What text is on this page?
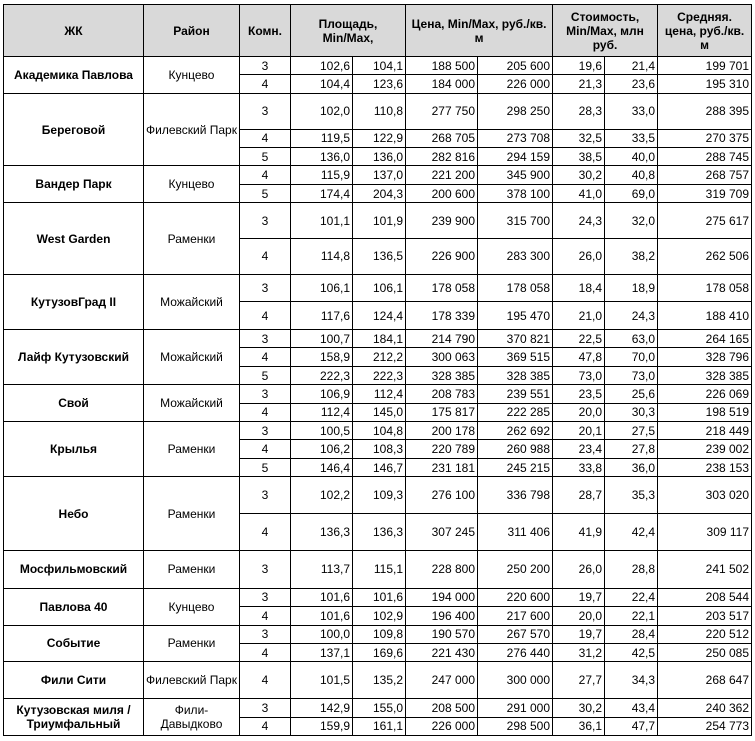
ЖК	Район	Комн.	Площадь, Min/Max,		Цена, Min/Max, руб./кв. м		Стоимость, Min/Max, млн руб.		Средняя. цена, руб./кв. м
Академика Павлова	Кунцево	3	102,6	104,1	188 500	205 600	19,6	21,4	199 701
		4	104,4	123,6	184 000	226 000	21,3	23,6	195 310
Береговой	Филевский Парк	3	102,0	110,8	277 750	298 250	28,3	33,0	288 395
		4	119,5	122,9	268 705	273 708	32,5	33,5	270 375
		5	136,0	136,0	282 816	294 159	38,5	40,0	288 745
Вандер Парк	Кунцево	4	115,9	137,0	221 200	345 900	30,2	40,8	268 757
		5	174,4	204,3	200 600	378 100	41,0	69,0	319 709
West Garden	Раменки	3	101,1	101,9	239 900	315 700	24,3	32,0	275 617
		4	114,8	136,5	226 900	283 300	26,0	38,2	262 506
КутузовГрад II	Можайский	3	106,1	106,1	178 058	178 058	18,4	18,9	178 058
		4	117,6	124,4	178 339	195 470	21,0	24,3	188 410
Лайф Кутузовский	Можайский	3	100,7	184,1	214 790	370 821	22,5	63,0	264 165
		4	158,9	212,2	300 063	369 515	47,8	70,0	328 796
		5	222,3	222,3	328 385	328 385	73,0	73,0	328 385
Свой	Можайский	3	106,9	112,4	208 783	239 551	23,5	25,6	226 069
		4	112,4	145,0	175 817	222 285	20,0	30,3	198 519
Крылья	Раменки	3	100,5	104,8	200 178	262 692	20,1	27,5	218 449
		4	106,2	108,3	220 789	260 988	23,4	27,8	239 002
		5	146,4	146,7	231 181	245 215	33,8	36,0	238 153
Небо	Раменки	3	102,2	109,3	276 100	336 798	28,7	35,3	303 020
		4	136,3	136,3	307 245	311 406	41,9	42,4	309 117
Мосфильмовский	Раменки	3	113,7	115,1	228 800	250 200	26,0	28,8	241 502
Павлова 40	Кунцево	3	101,6	101,6	194 000	220 600	19,7	22,4	208 544
		4	101,6	102,9	196 400	217 600	20,0	22,1	203 517
Событие	Раменки	3	100,0	109,8	190 570	267 570	19,7	28,4	220 512
		4	137,1	169,6	221 430	276 440	31,2	42,5	250 085
Фили Сити	Филевский Парк	4	101,5	135,2	247 000	300 000	27,7	34,3	268 647
Кутузовская миля / Триумфальный	Фили-Давыдково	3	142,9	155,0	208 500	291 000	30,2	43,4	240 362
		4	159,9	161,1	226 000	298 500	36,1	47,7	254 773
